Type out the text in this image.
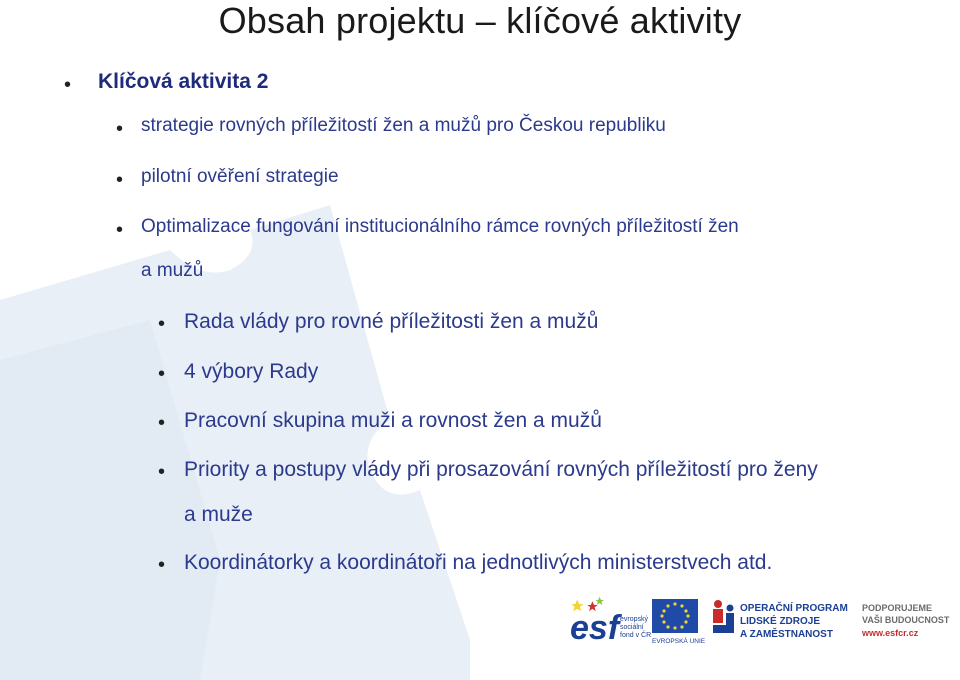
Obsah projektu – klíčové aktivity
• Klíčová aktivita 2
• strategie rovných příležitostí žen a mužů pro Českou republiku
• pilotní ověření strategie
• Optimalizace fungování institucionálního rámce rovných příležitostí žen
a mužů
• Rada vlády pro rovné příležitosti žen a mužů
• 4 výbory Rady
• Pracovní skupina muži a rovnost žen a mužů
• Priority a postupy vlády při prosazování rovných příležitostí pro ženy
a muže
• Koordinátorky a koordinátoři na jednotlivých ministerstvech atd.
esf evropský
sociální
fond v ČR
EVROPSKÁ UNIE
OPERAČNÍ PROGRAM
LIDSKÉ ZDROJE
A ZAMĚSTNANOST
PODPORUJEME
VAŠI BUDOUCNOST
www.esfcr.cz
